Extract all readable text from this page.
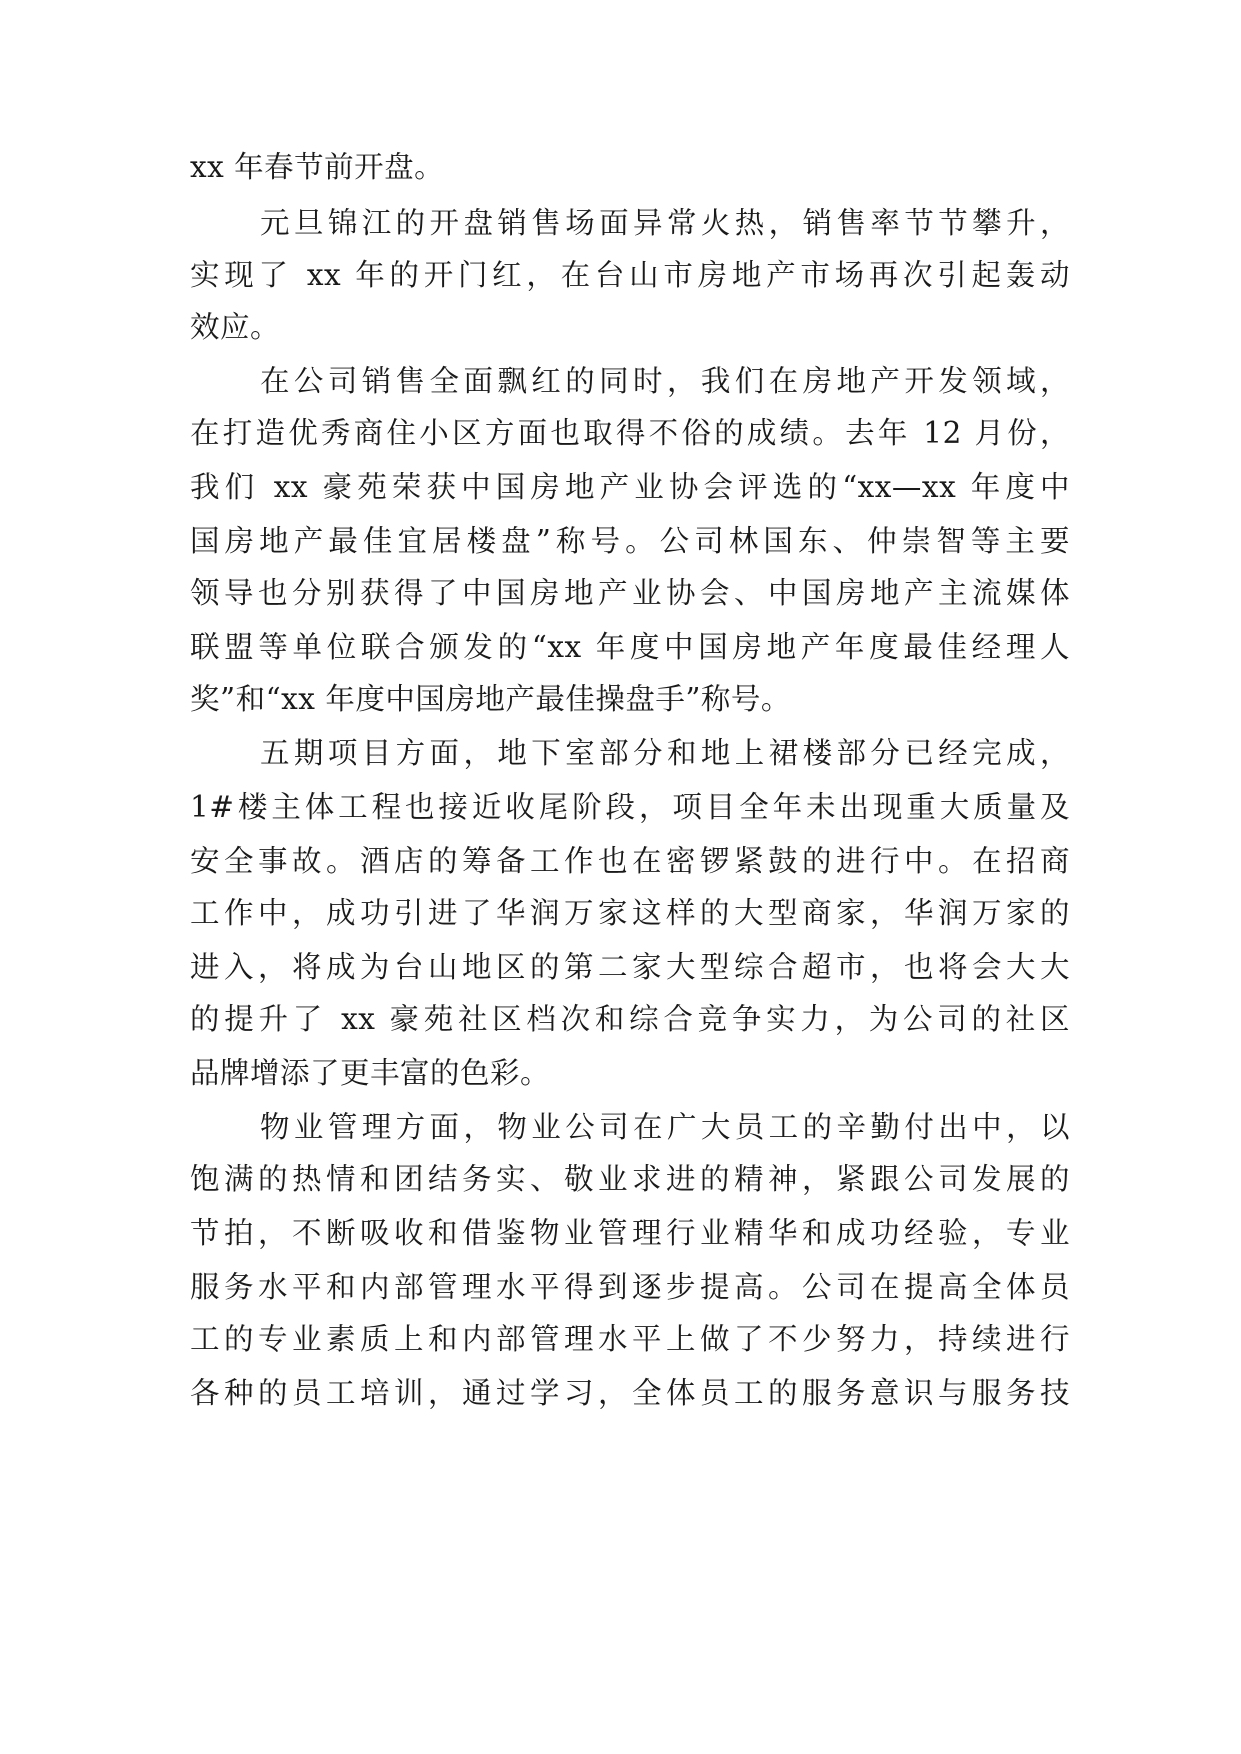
xx 年春节前开盘。
元旦锦江的开盘销售场面异常火热，销售率节节攀升，
实现了 xx 年的开门红，在台山市房地产市场再次引起轰动
效应。
在公司销售全面飘红的同时，我们在房地产开发领域，
在打造优秀商住小区方面也取得不俗的成绩。去年 12 月份，
我们 xx 豪苑荣获中国房地产业协会评选的“xx—xx 年度中
国房地产最佳宜居楼盘”称号。公司林国东、仲崇智等主要
领导也分别获得了中国房地产业协会、中国房地产主流媒体
联盟等单位联合颁发的“xx 年度中国房地产年度最佳经理人
奖”和“xx 年度中国房地产最佳操盘手”称号。
五期项目方面，地下室部分和地上裙楼部分已经完成，
1#楼主体工程也接近收尾阶段，项目全年未出现重大质量及
安全事故。酒店的筹备工作也在密锣紧鼓的进行中。在招商
工作中，成功引进了华润万家这样的大型商家，华润万家的
进入，将成为台山地区的第二家大型综合超市，也将会大大
的提升了 xx 豪苑社区档次和综合竞争实力，为公司的社区
品牌增添了更丰富的色彩。
物业管理方面，物业公司在广大员工的辛勤付出中，以
饱满的热情和团结务实、敬业求进的精神，紧跟公司发展的
节拍，不断吸收和借鉴物业管理行业精华和成功经验，专业
服务水平和内部管理水平得到逐步提高。公司在提高全体员
工的专业素质上和内部管理水平上做了不少努力，持续进行
各种的员工培训，通过学习，全体员工的服务意识与服务技
